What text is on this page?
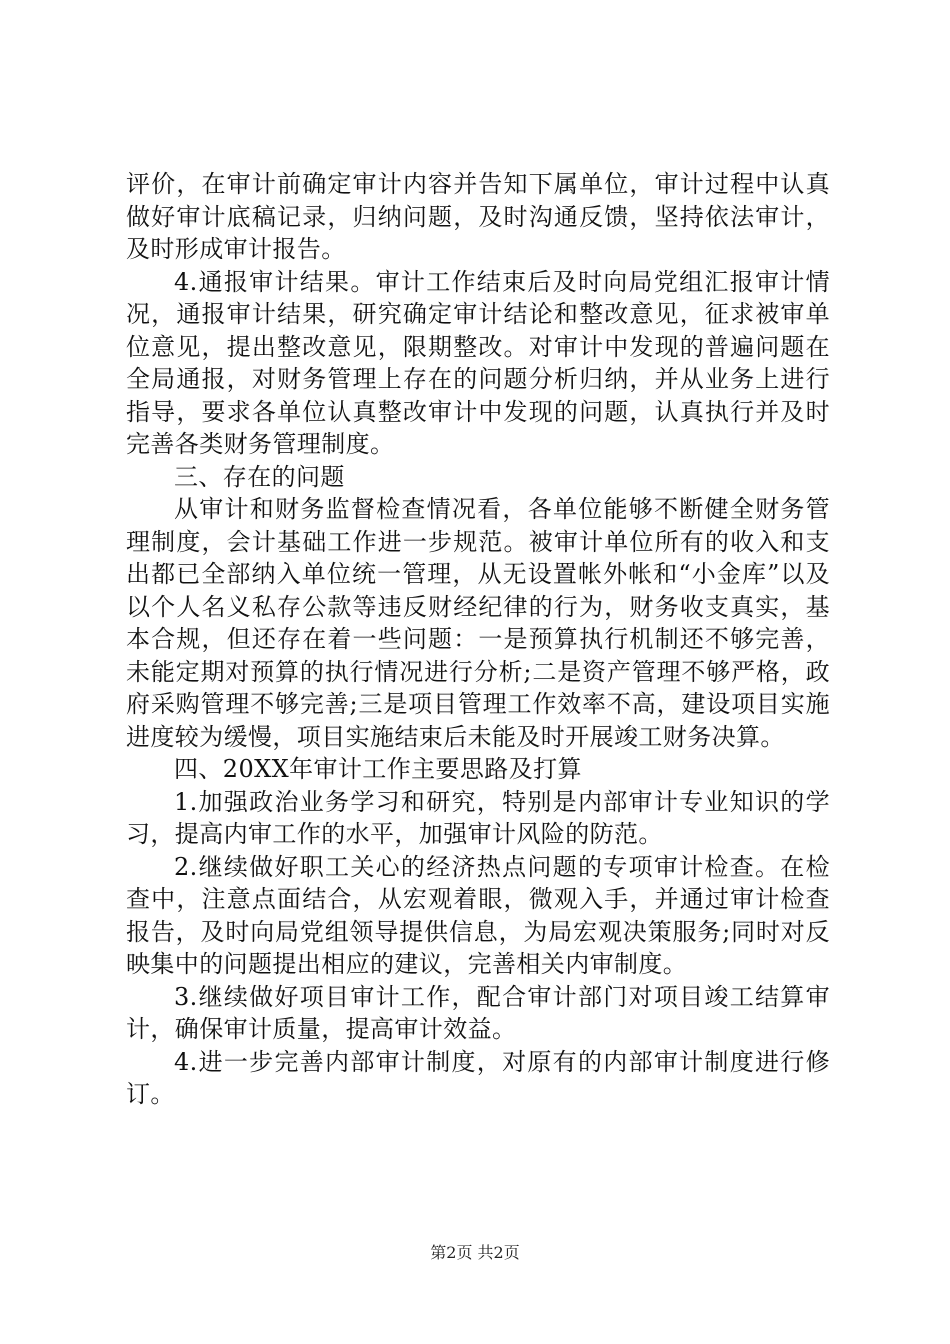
评价，在审计前确定审计内容并告知下属单位，审计过程中认真做好审计底稿记录，归纳问题，及时沟通反馈，坚持依法审计，及时形成审计报告。

4.通报审计结果。审计工作结束后及时向局党组汇报审计情况，通报审计结果，研究确定审计结论和整改意见，征求被审单位意见，提出整改意见，限期整改。对审计中发现的普遍问题在全局通报，对财务管理上存在的问题分析归纳，并从业务上进行指导，要求各单位认真整改审计中发现的问题，认真执行并及时完善各类财务管理制度。

三、存在的问题

从审计和财务监督检查情况看，各单位能够不断健全财务管理制度，会计基础工作进一步规范。被审计单位所有的收入和支出都已全部纳入单位统一管理，从无设置帐外帐和“小金库”以及以个人名义私存公款等违反财经纪律的行为，财务收支真实，基本合规，但还存在着一些问题：一是预算执行机制还不够完善，未能定期对预算的执行情况进行分析;二是资产管理不够严格，政府采购管理不够完善;三是项目管理工作效率不高，建设项目实施进度较为缓慢，项目实施结束后未能及时开展竣工财务决算。

四、20XX年审计工作主要思路及打算

1.加强政治业务学习和研究，特别是内部审计专业知识的学习，提高内审工作的水平，加强审计风险的防范。

2.继续做好职工关心的经济热点问题的专项审计检查。在检查中，注意点面结合，从宏观着眼，微观入手，并通过审计检查报告，及时向局党组领导提供信息，为局宏观决策服务;同时对反映集中的问题提出相应的建议，完善相关内审制度。

3.继续做好项目审计工作，配合审计部门对项目竣工结算审计，确保审计质量，提高审计效益。

4.进一步完善内部审计制度，对原有的内部审计制度进行修订。

第2页 共2页
